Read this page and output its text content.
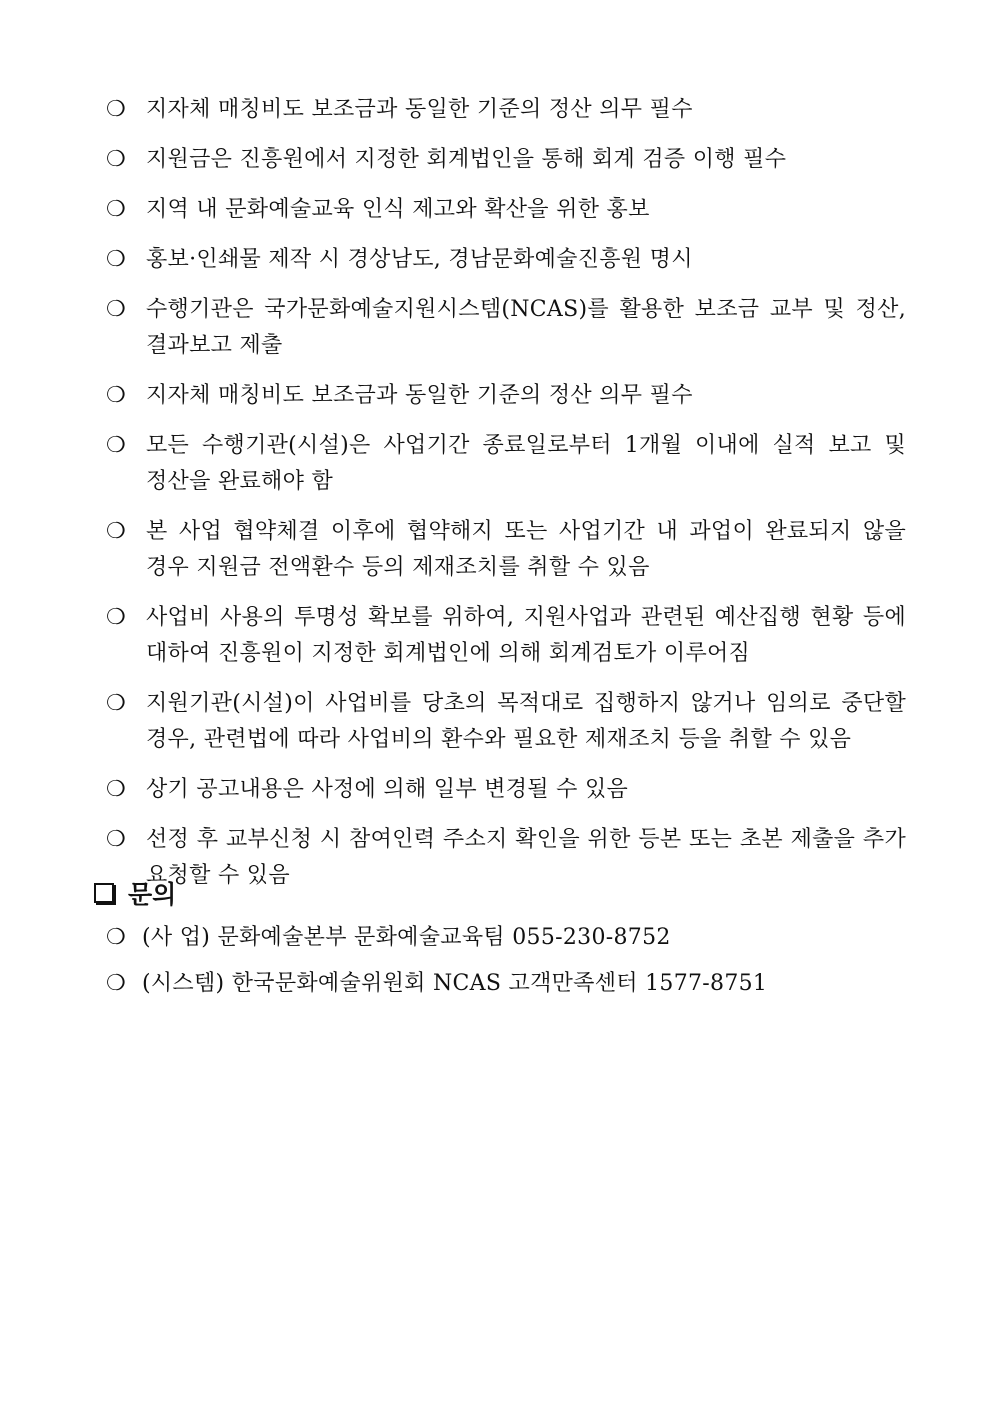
❍ 지자체 매칭비도 보조금과 동일한 기준의 정산 의무 필수
❍ 지원금은 진흥원에서 지정한 회계법인을 통해 회계 검증 이행 필수
❍ 지역 내 문화예술교육 인식 제고와 확산을 위한 홍보
❍ 홍보·인쇄물 제작 시 경상남도, 경남문화예술진흥원 명시
❍ 수행기관은 국가문화예술지원시스템(NCAS)를 활용한 보조금 교부 및 정산, 결과보고 제출
❍ 지자체 매칭비도 보조금과 동일한 기준의 정산 의무 필수
❍ 모든 수행기관(시설)은 사업기간 종료일로부터 1개월 이내에 실적 보고 및 정산을 완료해야 함
❍ 본 사업 협약체결 이후에 협약해지 또는 사업기간 내 과업이 완료되지 않을 경우 지원금 전액환수 등의 제재조치를 취할 수 있음
❍ 사업비 사용의 투명성 확보를 위하여, 지원사업과 관련된 예산집행 현황 등에 대하여 진흥원이 지정한 회계법인에 의해 회계검토가 이루어짐
❍ 지원기관(시설)이 사업비를 당초의 목적대로 집행하지 않거나 임의로 중단할 경우, 관련법에 따라 사업비의 환수와 필요한 제재조치 등을 취할 수 있음
❍ 상기 공고내용은 사정에 의해 일부 변경될 수 있음
❍ 선정 후 교부신청 시 참여인력 주소지 확인을 위한 등본 또는 초본 제출을 추가 요청할 수 있음
문의
❍ (사 업) 문화예술본부 문화예술교육팀 055-230-8752
❍ (시스템) 한국문화예술위원회 NCAS 고객만족센터 1577-8751
